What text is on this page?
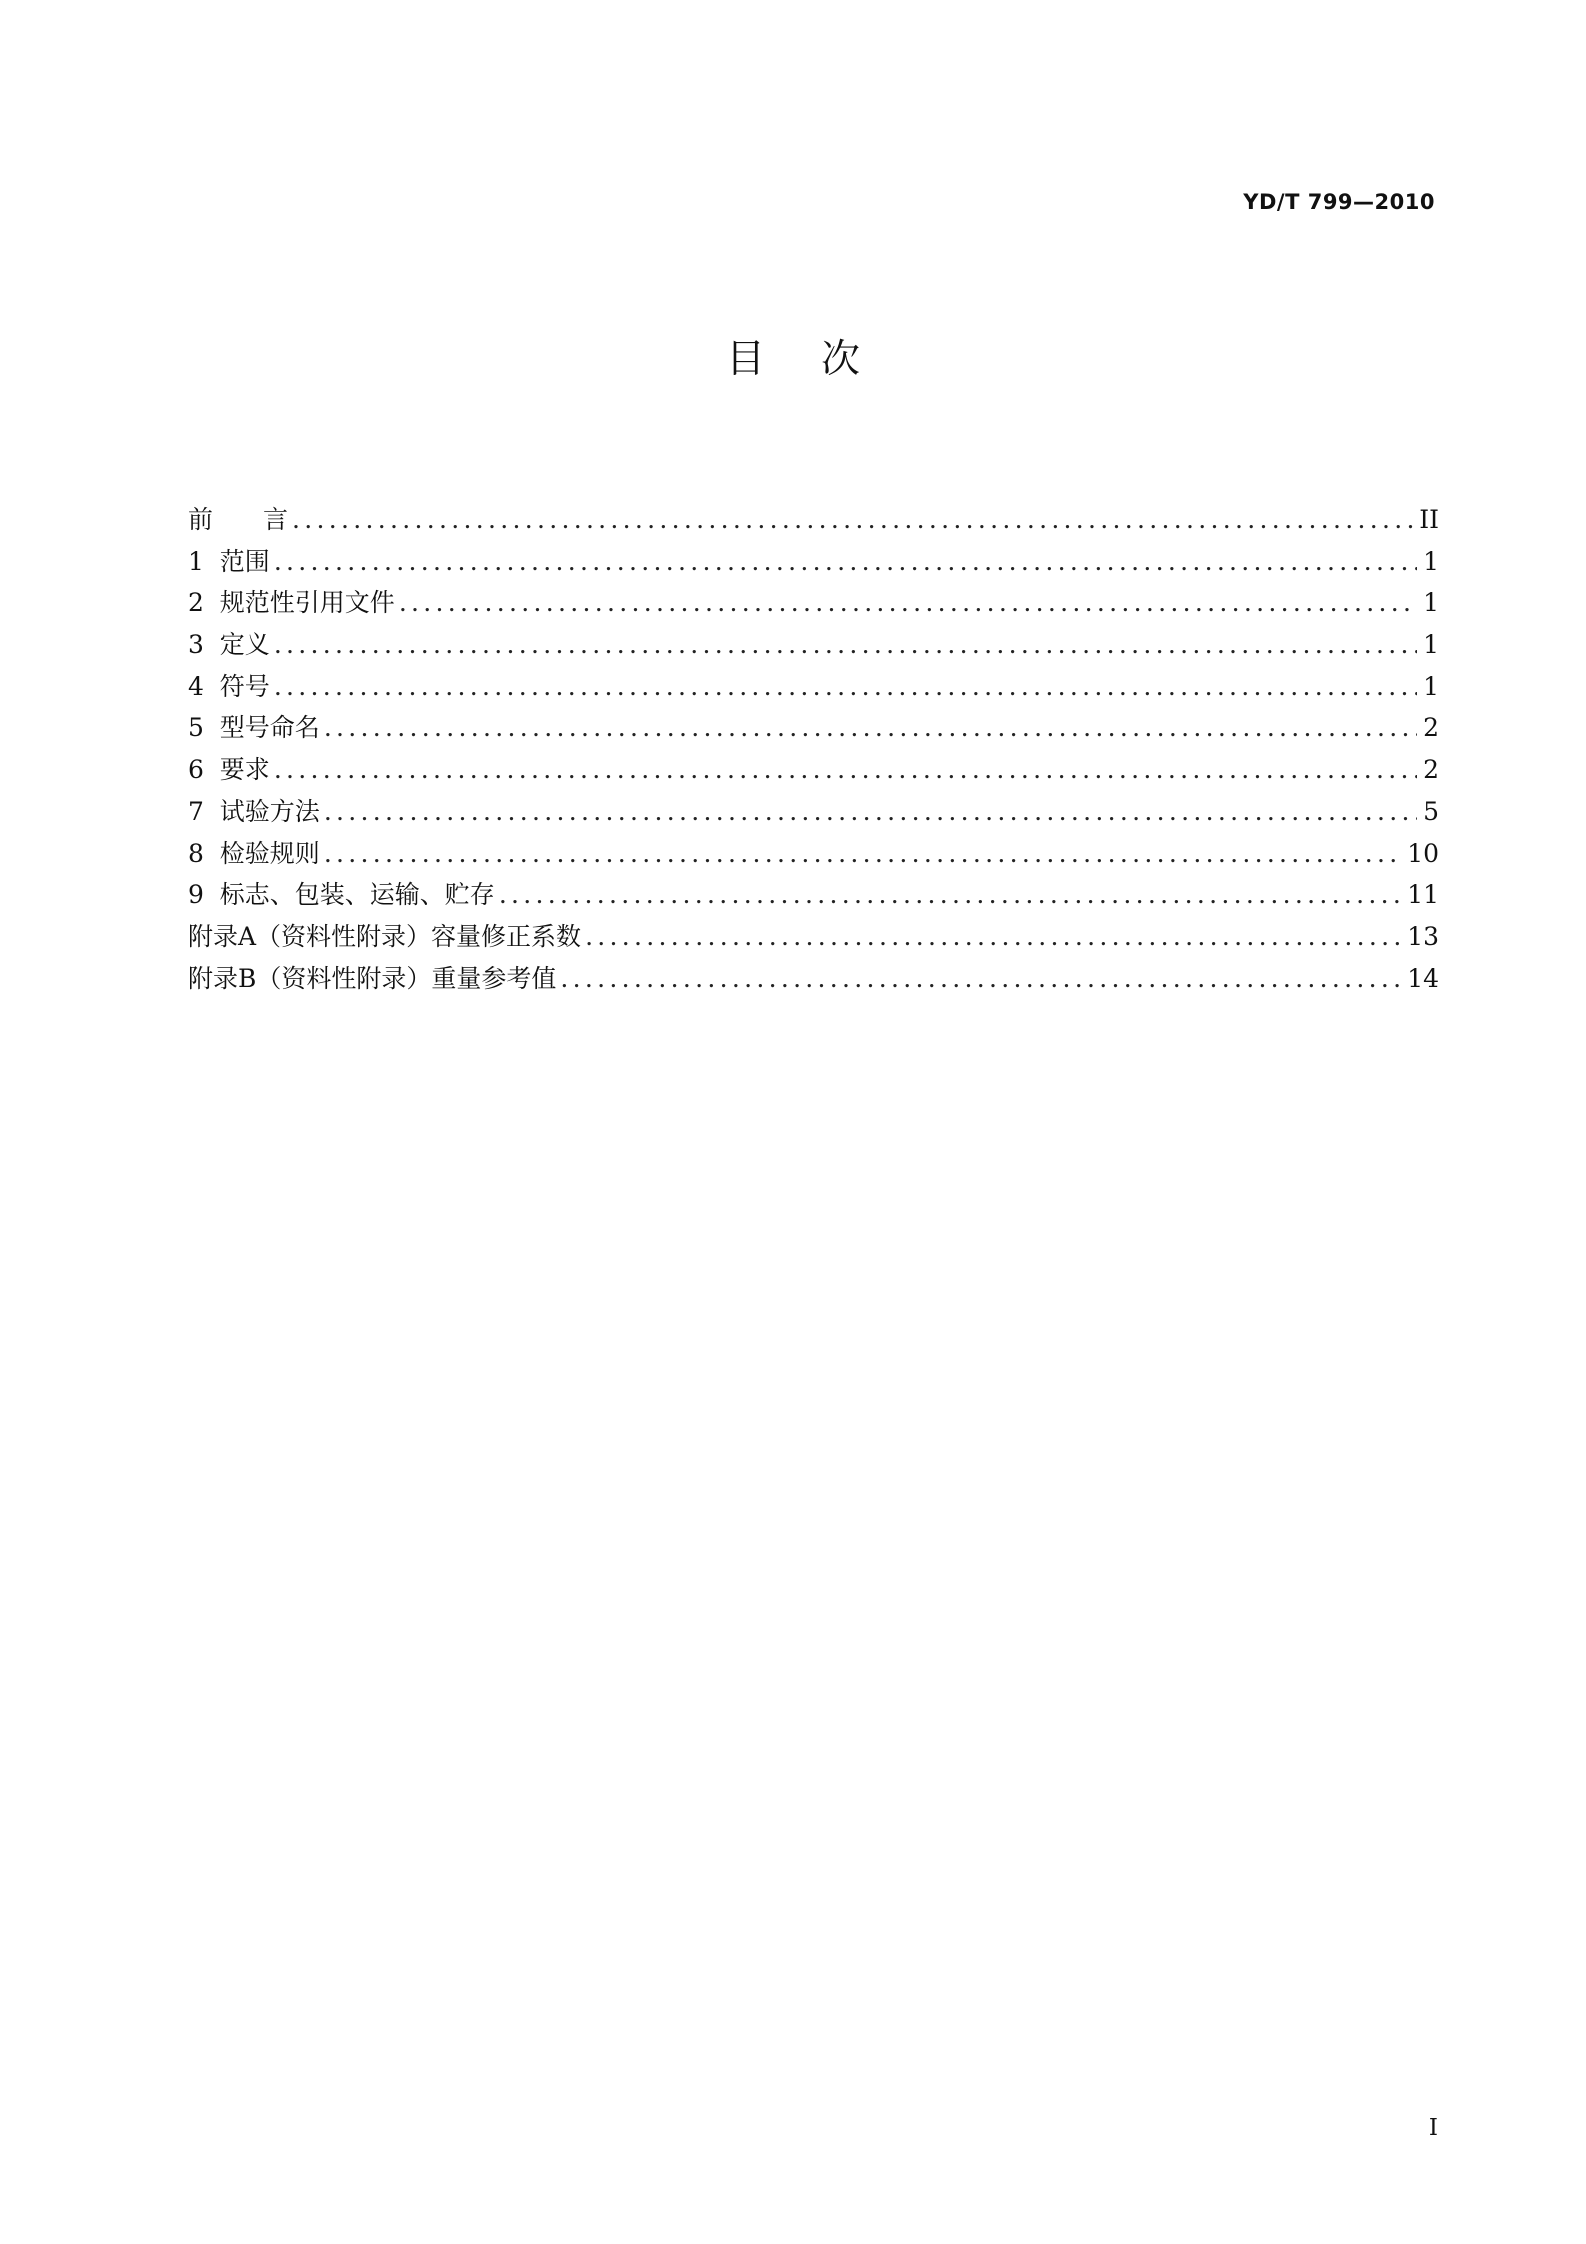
YD/T 799—2010
目次
前　　言 .....	II
1  范围 .....	1
2  规范性引用文件 .....	1
3  定义 .....	1
4  符号 .....	1
5  型号命名 .....	2
6  要求 .....	2
7  试验方法 .....	5
8  检验规则 .....	10
9  标志、包装、运输、贮存 .....	11
附录A（资料性附录）容量修正系数 .....	13
附录B（资料性附录）重量参考值 .....	14
I
